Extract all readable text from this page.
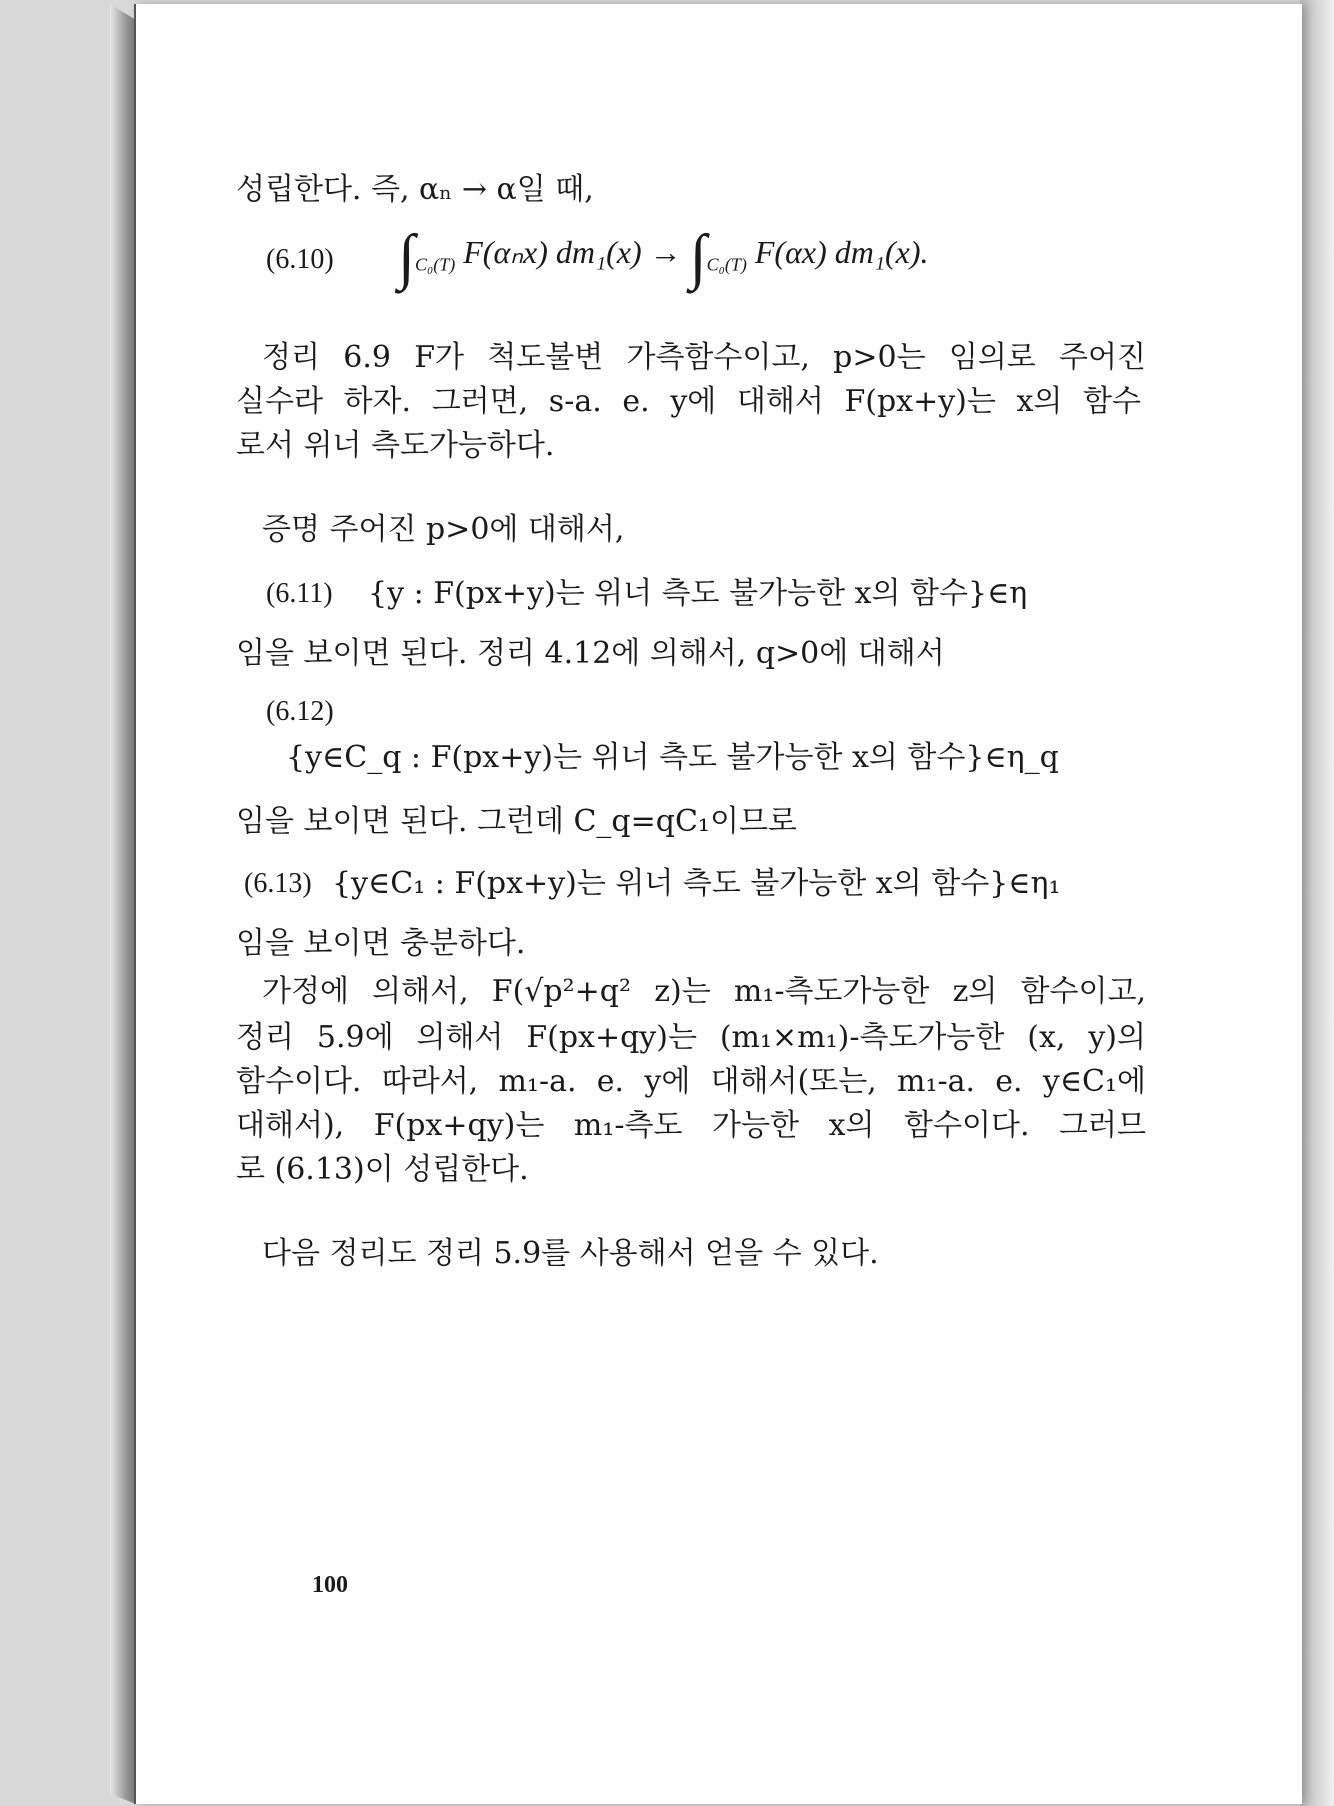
성립한다. 즉, αₙ → α일 때,
(6.10) $\int_{C_0(T)}$ F(αₙx) $dm_1(x) \to \int_{C_0(T)}$ F(αx) dm₁(x).
정리 6.9 F가 척도불변 가측함수이고, p>0는 임의로 주어진
실수라 하자. 그러면, s-a. e. y에 대해서 F(px+y)는 x의 함수
로서 위너 측도가능하다.
증명 주어진 p>0에 대해서,
(6.11) {y : F(px+y)는 위너 측도 불가능한 x의 함수}∈η
임을 보이면 된다. 정리 4.12에 의해서, q>0에 대해서
(6.12)
{y∈C_q : F(px+y)는 위너 측도 불가능한 x의 함수}∈η_q
임을 보이면 된다. 그런데 C_q=qC₁이므로
(6.13) {y∈C₁ : F(px+y)는 위너 측도 불가능한 x의 함수}∈η₁
임을 보이면 충분하다.
가정에 의해서, F(√p²+q² z)는 m₁-측도가능한 z의 함수이고,
정리 5.9에 의해서 F(px+qy)는 (m₁×m₁)-측도가능한 (x, y)의
함수이다. 따라서, m₁-a. e. y에 대해서(또는, m₁-a. e. y∈C₁에
대해서), F(px+qy)는 m₁-측도 가능한 x의 함수이다. 그러므
로 (6.13)이 성립한다.
다음 정리도 정리 5.9를 사용해서 얻을 수 있다.
100
